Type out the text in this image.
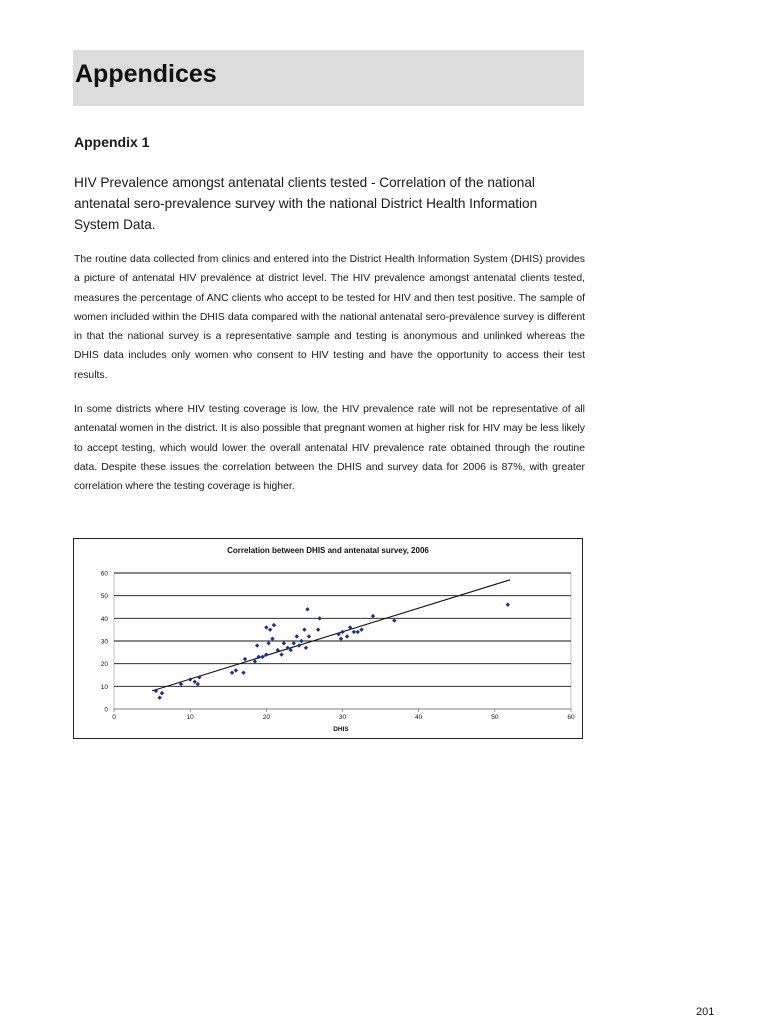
Appendices
Appendix 1
HIV Prevalence amongst antenatal clients tested - Correlation of the national antenatal sero-prevalence survey with the national District Health Information System Data.

The routine data collected from clinics and entered into the District Health Information System (DHIS) provides a picture of antenatal HIV prevalence at district level. The HIV prevalence amongst antenatal clients tested, measures the percentage of ANC clients who accept to be tested for HIV and then test positive. The sample of women included within the DHIS data compared with the national antenatal sero-prevalence survey is different in that the national survey is a representative sample and testing is anonymous and unlinked whereas the DHIS data includes only women who consent to HIV testing and have the opportunity to access their test results.

In some districts where HIV testing coverage is low, the HIV prevalence rate will not be representative of all antenatal women in the district. It is also possible that pregnant women at higher risk for HIV may be less likely to accept testing, which would lower the overall antenatal HIV prevalence rate obtained through the routine data. Despite these issues the correlation between the DHIS and survey data for 2006 is 87%, with greater correlation where the testing coverage is higher.

Correlation between DHIS and antenatal survey, 2006
DHIS
0
10
20
30
40
50
60
0	10	20	30	40	50	60
201
